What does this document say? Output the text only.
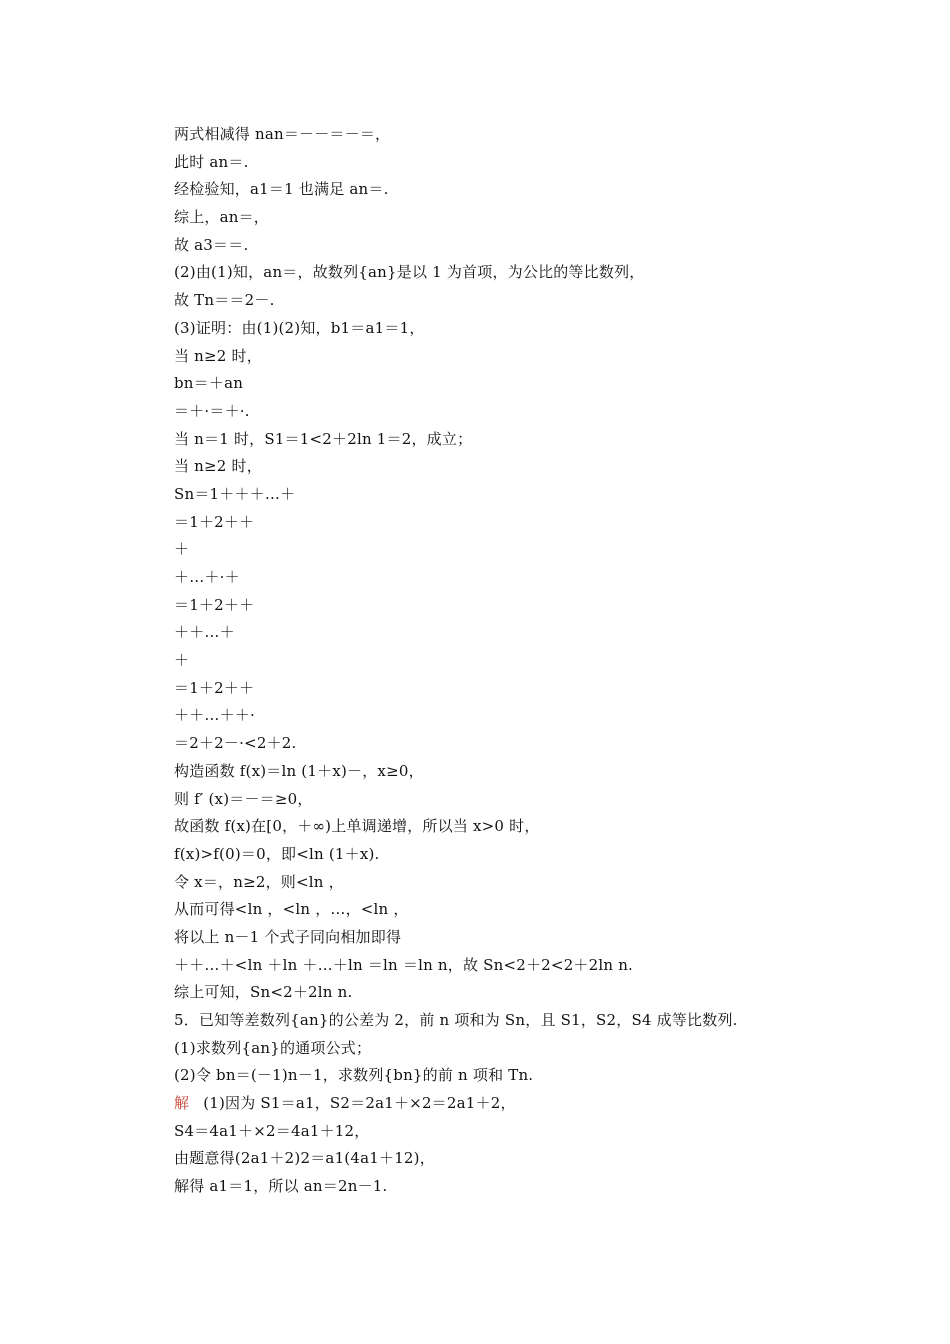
两式相减得 nan＝－－＝－＝，
此时 an＝.
经检验知，a1＝1 也满足 an＝.
综上，an＝，
故 a3＝＝.
(2)由(1)知，an＝，故数列{an}是以 1 为首项，为公比的等比数列，
故 Tn＝＝2－.
(3)证明：由(1)(2)知，b1＝a1＝1，
当 n≥2 时，
bn＝＋an
＝＋·＝＋·.
当 n＝1 时，S1＝1<2＋2ln 1＝2，成立；
当 n≥2 时，
Sn＝1＋＋＋…＋
＝1＋2＋＋
＋
＋…＋·＋
＝1＋2＋＋
＋＋…＋
＋
＝1＋2＋＋
＋＋…＋＋·
＝2＋2－·<2＋2.
构造函数 f(x)＝ln (1＋x)－，x≥0，
则 f′ (x)＝－＝≥0，
故函数 f(x)在[0，＋∞)上单调递增，所以当 x>0 时，
f(x)>f(0)＝0，即<ln (1＋x).
令 x＝，n≥2，则<ln ，
从而可得<ln ，<ln ，…，<ln ，
将以上 n－1 个式子同向相加即得
＋＋…＋<ln ＋ln ＋…＋ln ＝ln ＝ln n，故 Sn<2＋2<2＋2ln n.
综上可知，Sn<2＋2ln n.
5．已知等差数列{an}的公差为 2，前 n 项和为 Sn，且 S1，S2，S4 成等比数列.
(1)求数列{an}的通项公式；
(2)令 bn＝(－1)n－1，求数列{bn}的前 n 项和 Tn.
解 (1)因为 S1＝a1，S2＝2a1＋×2＝2a1＋2，
S4＝4a1＋×2＝4a1＋12，
由题意得(2a1＋2)2＝a1(4a1＋12)，
解得 a1＝1，所以 an＝2n－1.
